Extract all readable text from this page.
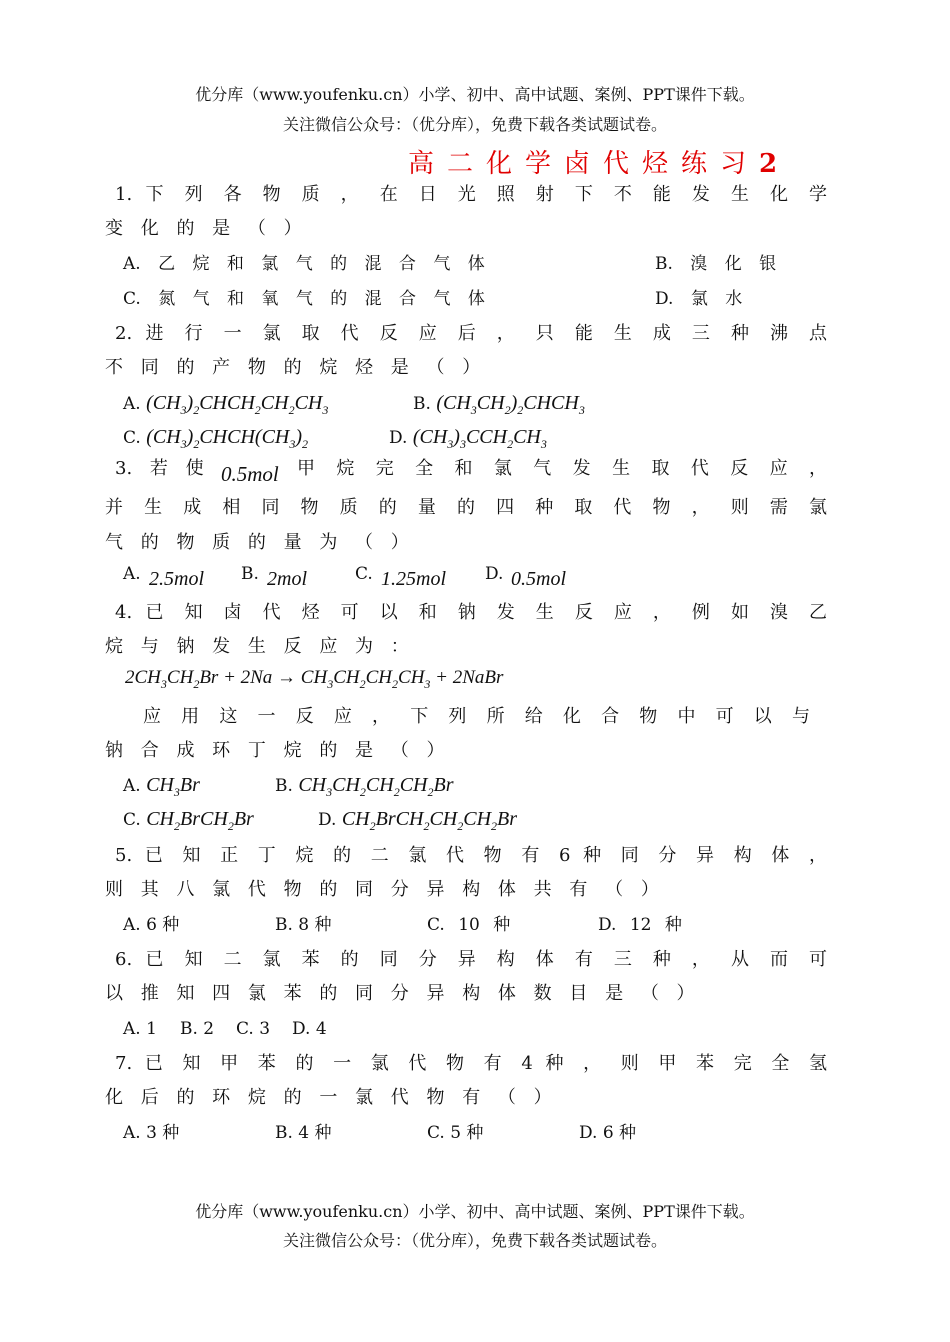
优分库（www.youfenku.cn）小学、初中、高中试题、案例、PPT课件下载。
关注微信公众号：（优分库），免费下载各类试题试卷。
高二化学卤代烃练习2
1. 下 列 各 物 质 ， 在 日 光 照 射 下 不 能 发 生 化 学
变 化 的 是 （ ）
A. 乙 烷 和 氯 气 的 混 合 气 体	B. 溴 化 银
C. 氮 气 和 氧 气 的 混 合 气 体	D. 氯 水
2. 进 行 一 氯 取 代 反 应 后 ， 只 能 生 成 三 种 沸 点
不 同 的 产 物 的 烷 烃 是 （ ）
A. $(CH_3)_2CHCH_2CH_2CH_3$	B. $(CH_3CH_2)_2CHCH_3$
C. $(CH_3)_2CHCH(CH_3)_2$	D. $(CH_3)_3CCH_2CH_3$
3. 若 使 0.5mol 甲 烷 完 全 和 氯 气 发 生 取 代 反 应 ，
并 生 成 相 同 物 质 的 量 的 四 种 取 代 物 ， 则 需 氯
气 的 物 质 的 量 为 （ ）
A. 2.5mol B. 2mol	C. 1.25mol D. 0.5mol
4. 已 知 卤 代 烃 可 以 和 钠 发 生 反 应 ， 例 如 溴 乙
烷 与 钠 发 生 反 应 为 ：
$2CH_3CH_2Br + 2Na \to CH_3CH_2CH_2CH_3$ + 2NaBr
应 用 这 一 反 应 ， 下 列 所 给 化 合 物 中 可 以 与
钠 合 成 环 丁 烷 的 是 （ ）
A. $CH_3Br$	B. $CH_3CH_2CH_2CH_2Br$
C. $CH_2BrCH_2Br$	D. $CH_2BrCH_2CH_2CH_2Br$
5. 已 知 正 丁 烷 的 二 氯 代 物 有 6 种 同 分 异 构 体 ，
则 其 八 氯 代 物 的 同 分 异 构 体 共 有 （ ）
A. 6 种	B. 8 种	C. 10 种	D. 12 种
6. 已 知 二 氯 苯 的 同 分 异 构 体 有 三 种 ， 从 而 可
以 推 知 四 氯 苯 的 同 分 异 构 体 数 目 是 （ ）
A. 1 B. 2 C. 3 D. 4
7. 已 知 甲 苯 的 一 氯 代 物 有 4 种 ， 则 甲 苯 完 全 氢
化 后 的 环 烷 的 一 氯 代 物 有 （ ）
A. 3 种	B. 4 种	C. 5 种	D. 6 种
优分库（www.youfenku.cn）小学、初中、高中试题、案例、PPT课件下载。
关注微信公众号：（优分库），免费下载各类试题试卷。
